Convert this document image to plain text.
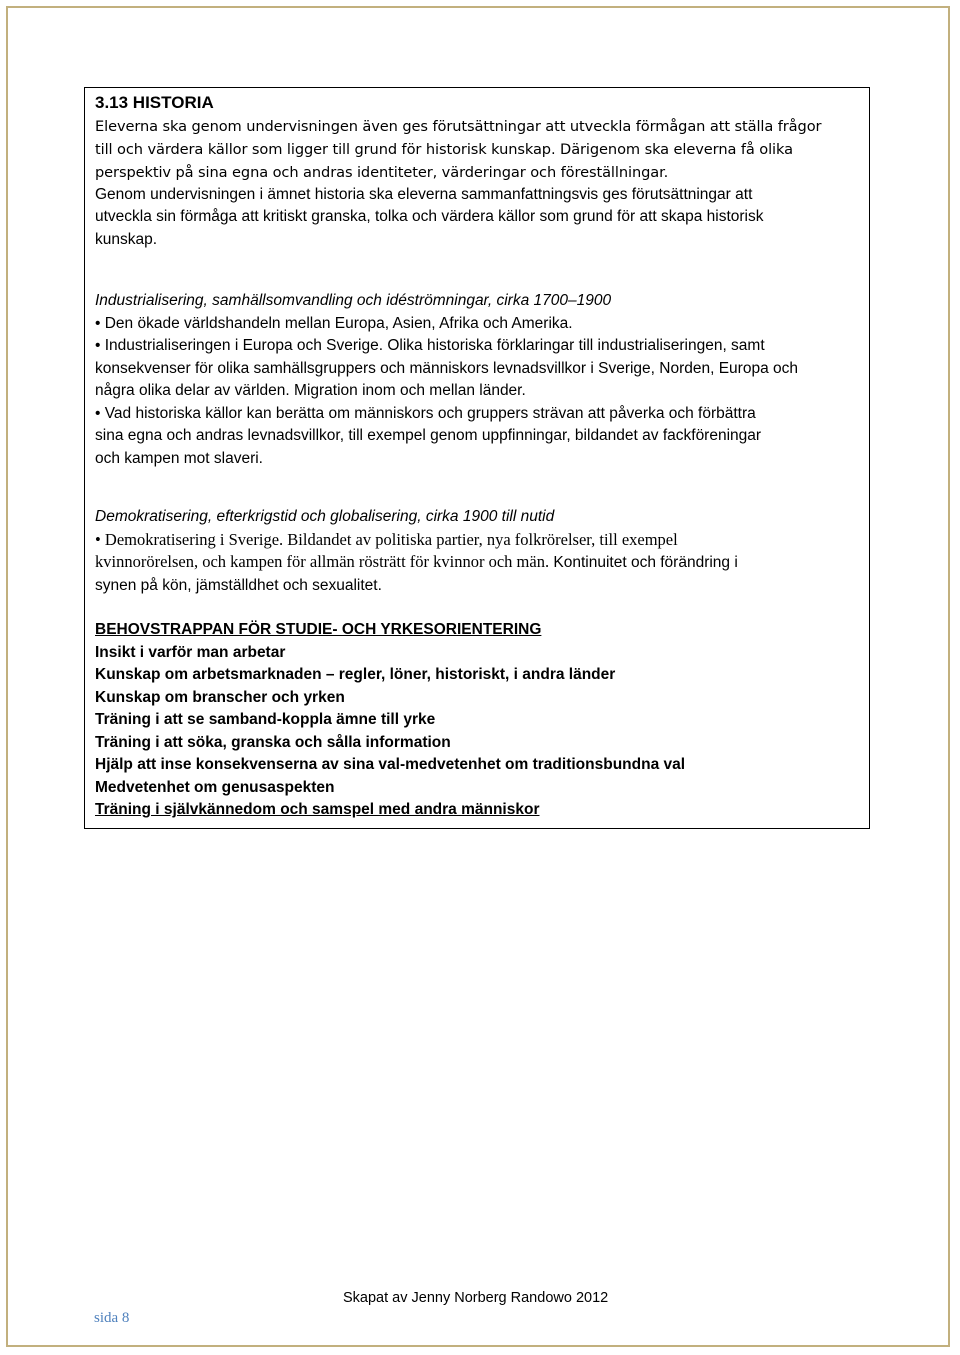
3.13 HISTORIA

Eleverna ska genom undervisningen även ges förutsättningar att utveckla förmågan att ställa frågor

till och värdera källor som ligger till grund för historisk kunskap. Därigenom ska eleverna få olika

perspektiv på sina egna och andras identiteter, värderingar och föreställningar.

Genom undervisningen i ämnet historia ska eleverna sammanfattningsvis ges förutsättningar att

utveckla sin förmåga att kritiskt granska, tolka och värdera källor som grund för att skapa historisk

kunskap.

Industrialisering, samhällsomvandling och idéströmningar, cirka 1700–1900

• Den ökade världshandeln mellan Europa, Asien, Afrika och Amerika.

• Industrialiseringen i Europa och Sverige. Olika historiska förklaringar till industrialiseringen, samt

konsekvenser för olika samhällsgruppers och människors levnadsvillkor i Sverige, Norden, Europa och

några olika delar av världen. Migration inom och mellan länder.

• Vad historiska källor kan berätta om människors och gruppers strävan att påverka och förbättra

sina egna och andras levnadsvillkor, till exempel genom uppfinningar, bildandet av fackföreningar

och kampen mot slaveri.

Demokratisering, efterkrigstid och globalisering, cirka 1900 till nutid

• Demokratisering i Sverige. Bildandet av politiska partier, nya folkrörelser, till exempel

kvinnorörelsen, och kampen för allmän rösträtt för kvinnor och män. Kontinuitet och förändring i

synen på kön, jämställdhet och sexualitet.

BEHOVSTRAPPAN FÖR STUDIE- OCH YRKESORIENTERING

Insikt i varför man arbetar

Kunskap om arbetsmarknaden – regler, löner, historiskt, i andra länder

Kunskap om branscher och yrken

Träning i att se samband-koppla ämne till yrke

Träning i att söka, granska och sålla information

Hjälp att inse konsekvenserna av sina val-medvetenhet om traditionsbundna val

Medvetenhet om genusaspekten

Träning i självkännedom och samspel med andra människor

Skapat av Jenny Norberg Randowo 2012
sida 8
